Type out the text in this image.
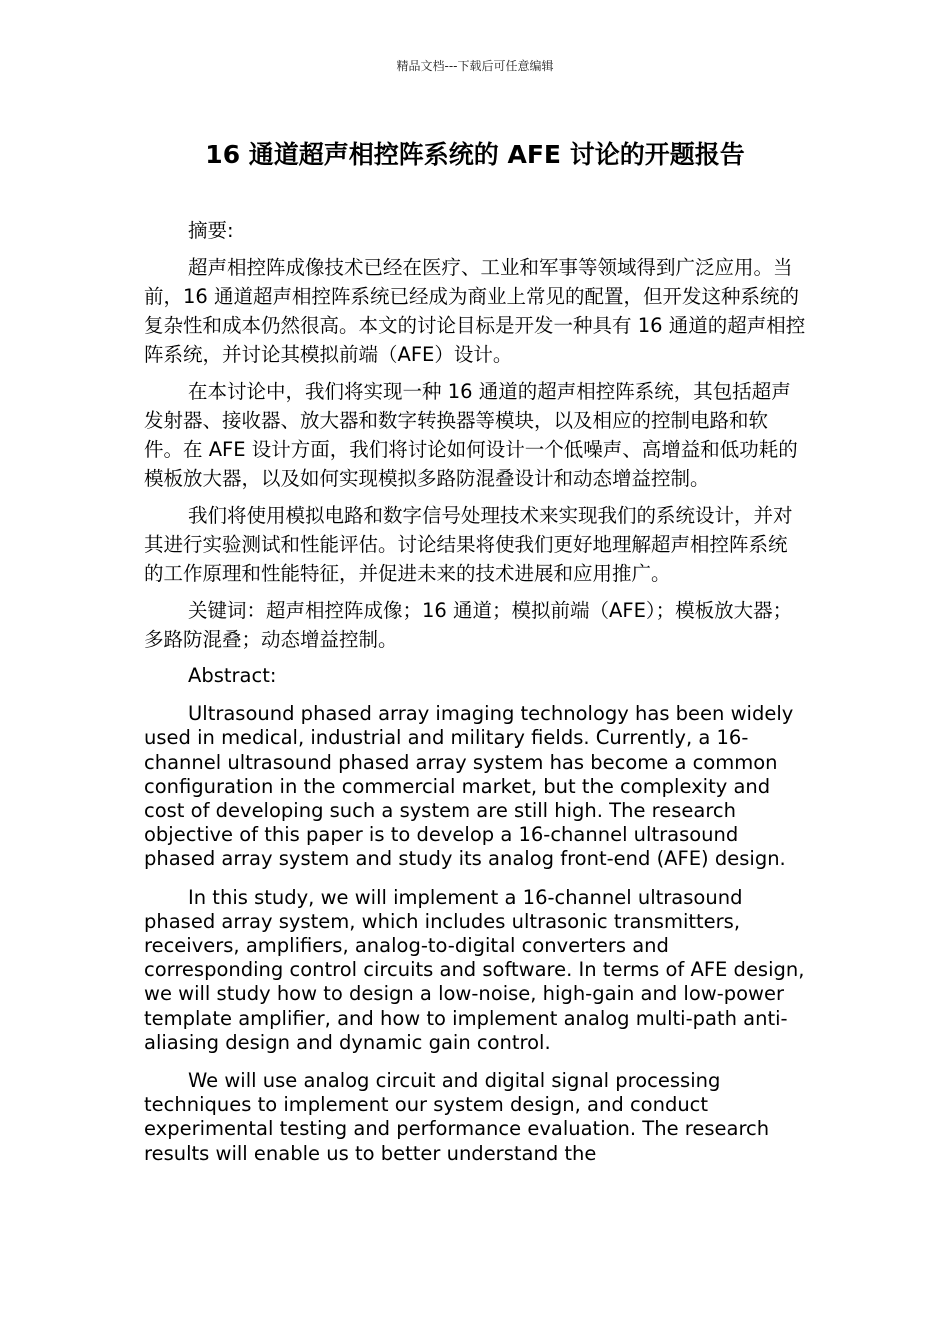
精品文档---下载后可任意编辑
16 通道超声相控阵系统的 AFE 讨论的开题报告

摘要:

超声相控阵成像技术已经在医疗、工业和军事等领域得到广泛应用。当前，16 通道超声相控阵系统已经成为商业上常见的配置，但开发这种系统的复杂性和成本仍然很高。本文的讨论目标是开发一种具有 16 通道的超声相控阵系统，并讨论其模拟前端（AFE）设计。

在本讨论中，我们将实现一种 16 通道的超声相控阵系统，其包括超声发射器、接收器、放大器和数字转换器等模块，以及相应的控制电路和软件。在 AFE 设计方面，我们将讨论如何设计一个低噪声、高增益和低功耗的模板放大器，以及如何实现模拟多路防混叠设计和动态增益控制。

我们将使用模拟电路和数字信号处理技术来实现我们的系统设计，并对其进行实验测试和性能评估。讨论结果将使我们更好地理解超声相控阵系统的工作原理和性能特征，并促进未来的技术进展和应用推广。

关键词：超声相控阵成像；16 通道；模拟前端（AFE）；模板放大器；多路防混叠；动态增益控制。

Abstract:

Ultrasound phased array imaging technology has been widely used in medical, industrial and military fields. Currently, a 16-channel ultrasound phased array system has become a common configuration in the commercial market, but the complexity and cost of developing such a system are still high. The research objective of this paper is to develop a 16-channel ultrasound phased array system and study its analog front-end (AFE) design.

In this study, we will implement a 16-channel ultrasound phased array system, which includes ultrasonic transmitters, receivers, amplifiers, analog-to-digital converters and corresponding control circuits and software. In terms of AFE design, we will study how to design a low-noise, high-gain and low-power template amplifier, and how to implement analog multi-path anti-aliasing design and dynamic gain control.

We will use analog circuit and digital signal processing techniques to implement our system design, and conduct experimental testing and performance evaluation. The research results will enable us to better understand the
